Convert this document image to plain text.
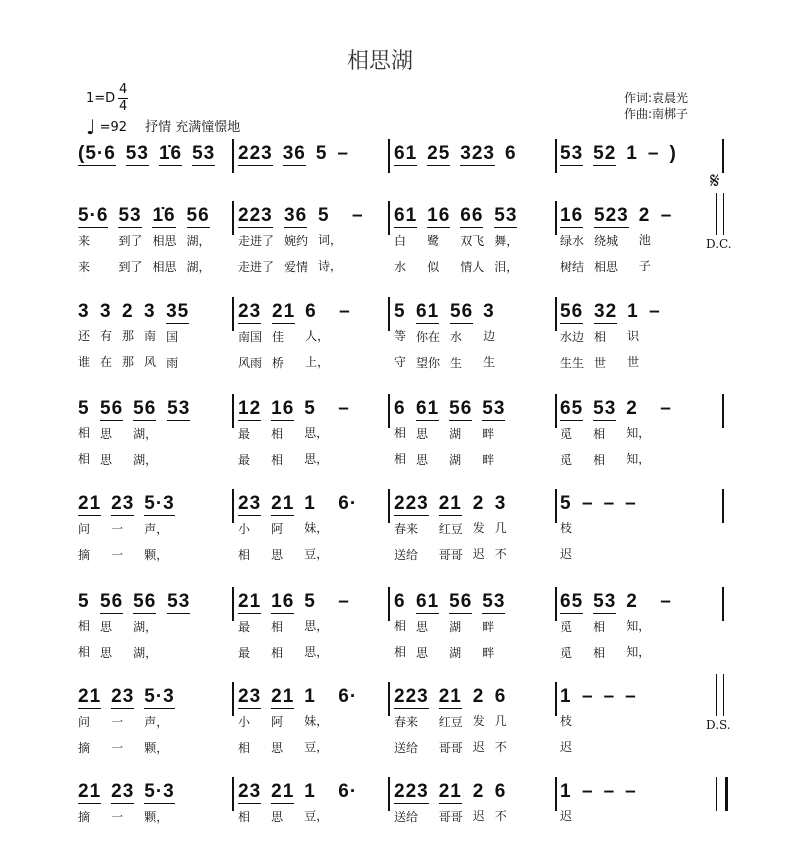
相思湖
1=D
4
4
♩ =92 抒情 充满憧憬地
作词:袁晨光
作曲:南梆子
(5·6 53 1̇6 53 223 36 5 – 61 25 323 6 53 52 1 – )
5·6
来
来
53
到了
到了
1̇6
相思
相思
56
湖，
湖，
223
走进了
走进了
36
婉约
爱情
5
词，
诗，
– 61
白
水
16
鹭
似
66
双飞
情人
53
舞，
泪，
16
绿水
树结
523
绕城
相思
2
池
子
–
𝄋
D.C.
3
还
谁
3
有
在
2
那
那
3
南
风
35
国
雨
23
南国
风雨
21
佳
桥
6
人，
上，
– 5
等
守
61
你在
望你
56
水
生
3
边
生
56
水边
生生
32
相
世
1
识
世
–
5
相
相
56
思
思
56
湖，
湖，
53	12
最
最
16
相
相
5
思，
思，
– 6
相
相
61
思
思
56
湖
湖
53
畔
畔
65
觅
觅
53
相
相
2
知，
知，
–
21
问
摘
23
一
一
5·3
声，
颗，
23
小
相
21
阿
思
1
妹，
豆，
6· 223
春来
送给
21
红豆
哥哥
2
发
迟
3
几
不
5
枝
迟
– – –
5
相
相
56
思
思
56
湖，
湖，
53	21
最
最
16
相
相
5
思，
思，
– 6
相
相
61
思
思
56
湖
湖
53
畔
畔
65
觅
觅
53
相
相
2
知，
知，
–
21
问
摘
23
一
一
5·3
声，
颗，
23
小
相
21
阿
思
1
妹，
豆，
6· 223
春来
送给
21
红豆
哥哥
2
发
迟
6
几
不
1
枝
迟
– – –
D.S.
21
摘
23
一
5·3
颗，
23
相
21
思
1
豆，
6· 223
送给
21
哥哥
2
迟
6
不
1
迟
– – –
